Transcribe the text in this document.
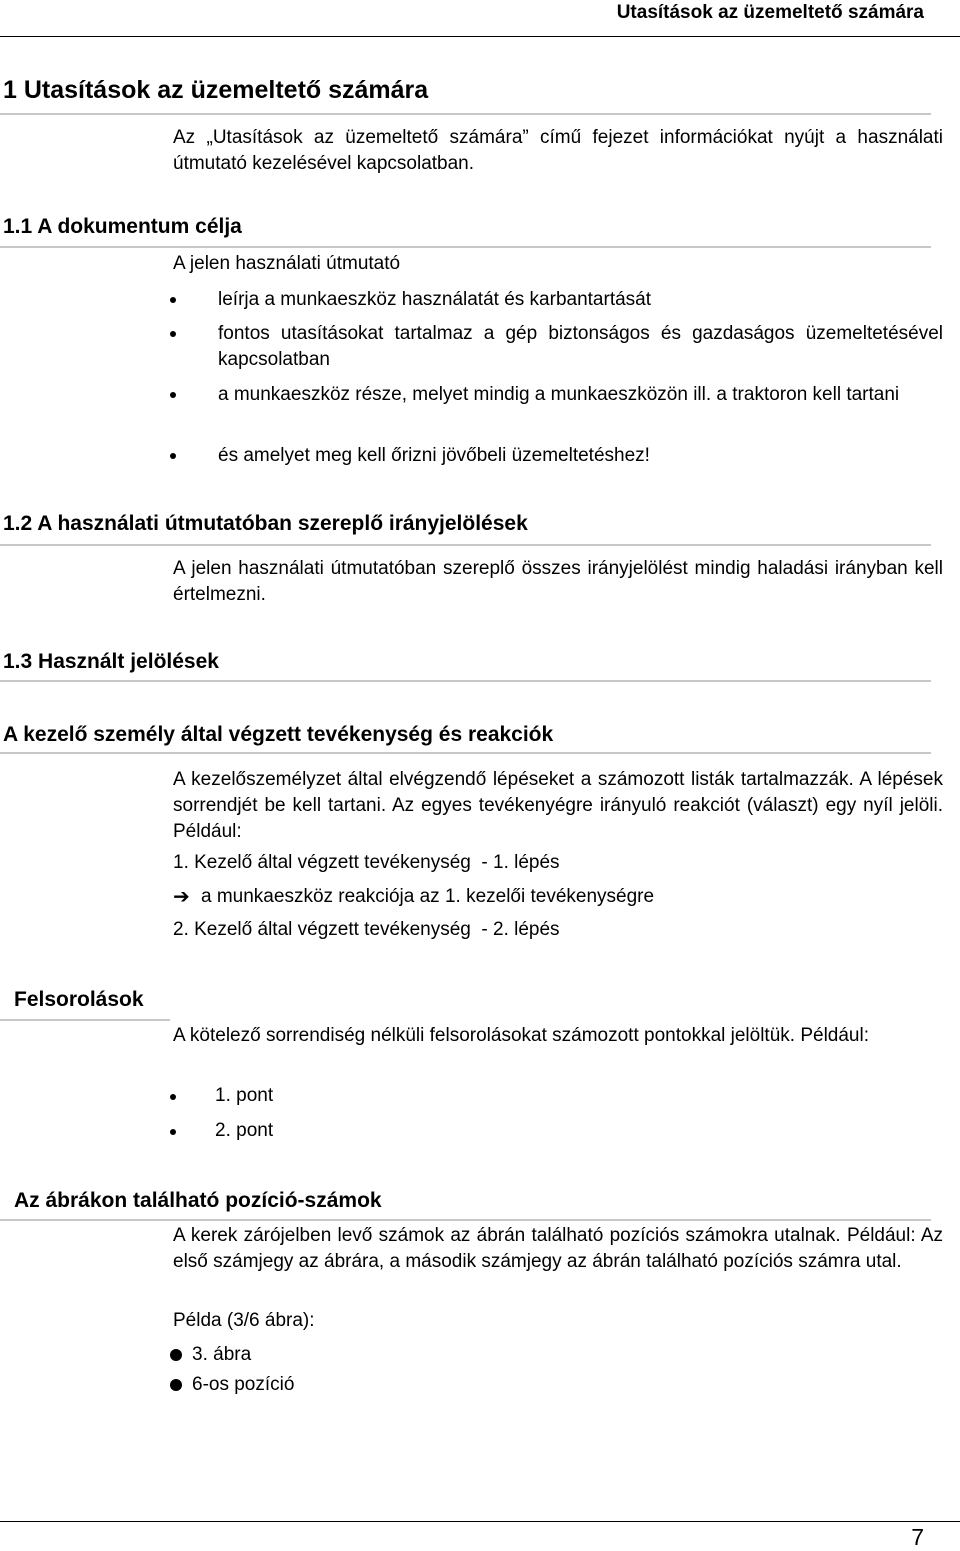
Utasítások az üzemeltető számára
1 Utasítások az üzemeltető számára

Az „Utasítások az üzemeltető számára” című fejezet információkat nyújt a használati útmutató kezelésével kapcsolatban.

1.1 A dokumentum célja
A jelen használati útmutató

leírja a munkaeszköz használatát és karbantartását

fontos utasításokat tartalmaz a gép biztonságos és gazdaságos üzemeltetésével kapcsolatban

a munkaeszköz része, melyet mindig a munkaeszközön ill. a traktoron kell tartani

és amelyet meg kell őrizni jövőbeli üzemeltetéshez!

1.2 A használati útmutatóban szereplő irányjelölések

A jelen használati útmutatóban szereplő összes irányjelölést mindig haladási irányban kell értelmezni.

1.3 Használt jelölések
A kezelő személy által végzett tevékenység és reakciók

A kezelőszemélyzet által elvégzendő lépéseket a számozott listák tartalmazzák. A lépések sorrendjét be kell tartani. Az egyes tevékenyégre irányuló reakciót (választ) egy nyíl jelöli. Például:

1. Kezelő által végzett tevékenység  - 1. lépés
➔ a munkaeszköz reakciója az 1. kezelői tevékenységre
2. Kezelő által végzett tevékenység  - 2. lépés
Felsorolások

A kötelező sorrendiség nélküli felsorolásokat számozott pontokkal jelöltük. Például:

1. pont
2. pont
Az ábrákon található pozíció-számok

A kerek zárójelben levő számok az ábrán található pozíciós számokra utalnak. Például: Az első számjegy az ábrára, a második számjegy az ábrán található pozíciós számra utal.

Példa (3/6 ábra):
3. ábra
6-os pozíció
7
